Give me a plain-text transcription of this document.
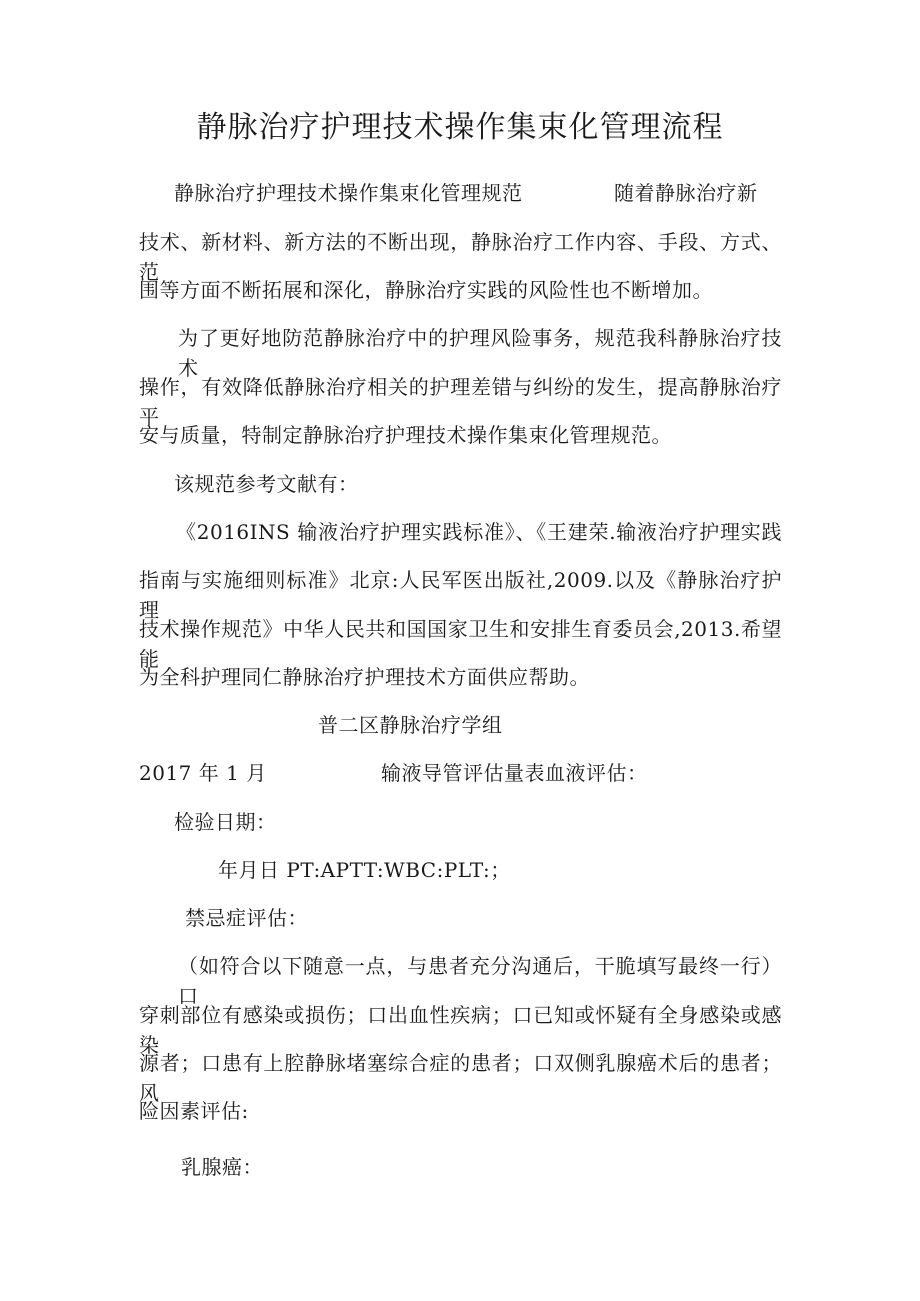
静脉治疗护理技术操作集束化管理流程
静脉治疗护理技术操作集束化管理规范	随着静脉治疗新
技术、新材料、新方法的不断出现，静脉治疗工作内容、手段、方式、范
围等方面不断拓展和深化，静脉治疗实践的风险性也不断增加。
为了更好地防范静脉治疗中的护理风险事务，规范我科静脉治疗技术
操作，有效降低静脉治疗相关的护理差错与纠纷的发生，提高静脉治疗平
安与质量，特制定静脉治疗护理技术操作集束化管理规范。
该规范参考文献有：
《2016INS 输液治疗护理实践标准》、《王建荣.输液治疗护理实践
指南与实施细则标准》北京:人民军医出版社,2009.以及《静脉治疗护理
技术操作规范》中华人民共和国国家卫生和安排生育委员会,2013.希望能
为全科护理同仁静脉治疗护理技术方面供应帮助。
普二区静脉治疗学组
2017 年 1 月	输液导管评估量表血液评估：
检验日期：
年月日 PT:APTT:WBC:PLT:；
禁忌症评估：
（如符合以下随意一点，与患者充分沟通后，干脆填写最终一行）口
穿刺部位有感染或损伤；口出血性疾病；口已知或怀疑有全身感染或感染
源者；口患有上腔静脉堵塞综合症的患者；口双侧乳腺癌术后的患者；风
险因素评估:
乳腺癌：
